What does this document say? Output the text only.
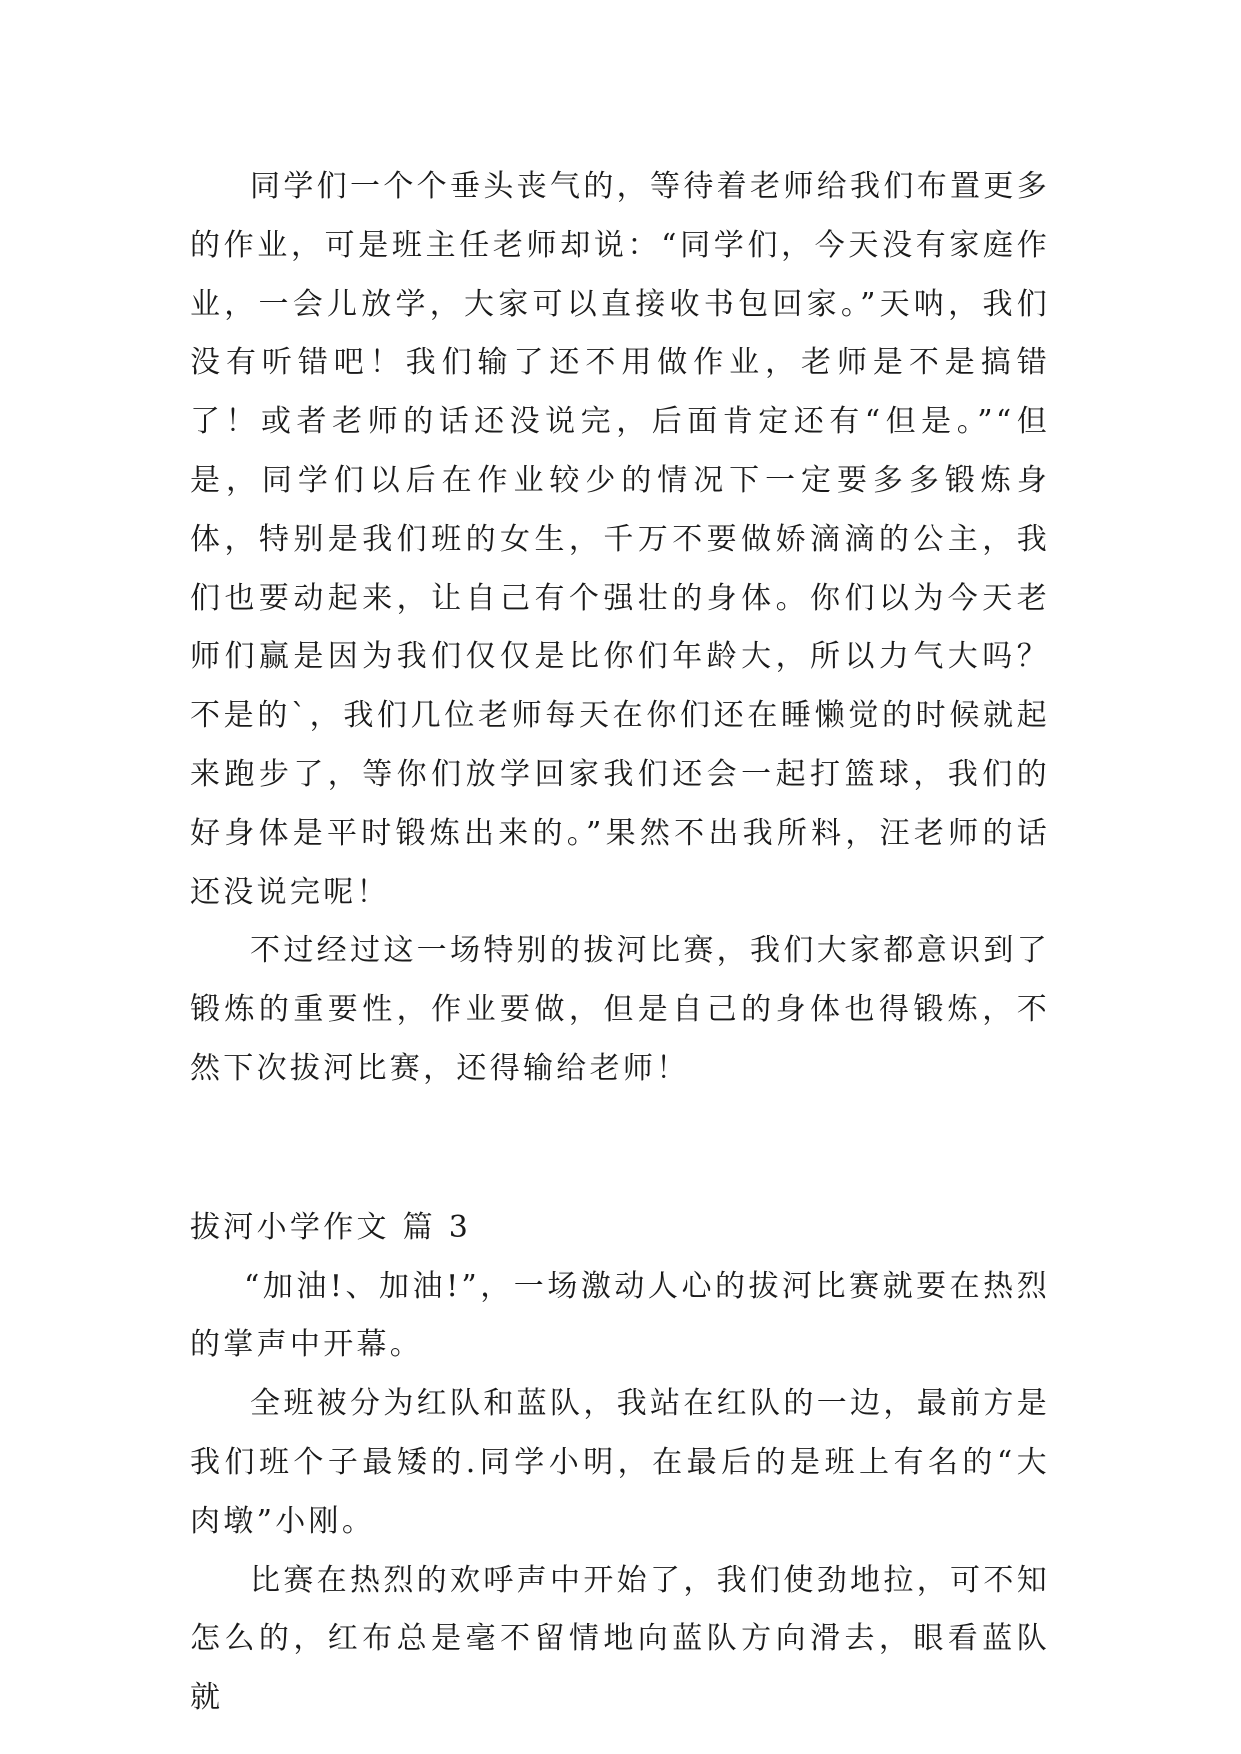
同学们一个个垂头丧气的，等待着老师给我们布置更多的作业，可是班主任老师却说：“同学们，今天没有家庭作业，一会儿放学，大家可以直接收书包回家。”天呐，我们没有听错吧！我们输了还不用做作业，老师是不是搞错了！或者老师的话还没说完，后面肯定还有“但是。”“但是，同学们以后在作业较少的情况下一定要多多锻炼身体，特别是我们班的女生，千万不要做娇滴滴的公主，我们也要动起来，让自己有个强壮的身体。你们以为今天老师们赢是因为我们仅仅是比你们年龄大，所以力气大吗？不是的`，我们几位老师每天在你们还在睡懒觉的时候就起来跑步了，等你们放学回家我们还会一起打篮球，我们的好身体是平时锻炼出来的。”果然不出我所料，汪老师的话还没说完呢！

不过经过这一场特别的拔河比赛，我们大家都意识到了锻炼的重要性，作业要做，但是自己的身体也得锻炼，不然下次拔河比赛，还得输给老师！

拔河小学作文 篇 3

“加油!、加油!”，一场激动人心的拔河比赛就要在热烈的掌声中开幕。

全班被分为红队和蓝队，我站在红队的一边，最前方是我们班个子最矮的.同学小明，在最后的是班上有名的“大肉墩”小刚。

比赛在热烈的欢呼声中开始了，我们使劲地拉，可不知怎么的，红布总是毫不留情地向蓝队方向滑去，眼看蓝队就
